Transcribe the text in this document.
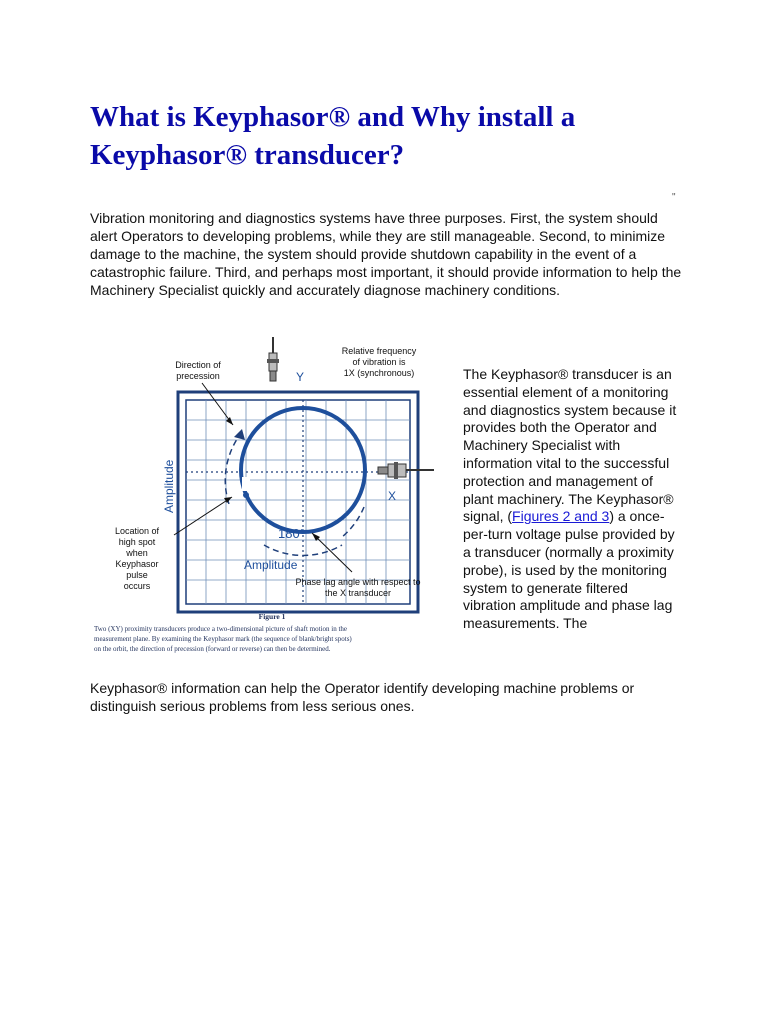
What is Keyphasor® and Why install a Keyphasor® transducer?
"

Vibration monitoring and diagnostics systems have three purposes. First, the system should alert Operators to developing problems, while they are still manageable. Second, to minimize damage to the machine, the system should provide shutdown capability in the event of a catastrophic failure. Third, and perhaps most important, it should provide information to help the Machinery Specialist quickly and accurately diagnose machinery conditions.

Direction of
precession
Relative frequency
of vibration is
1X (synchronous)
Location of
high spot
when
Keyphasor
pulse
occurs	Phase lag angle with respect to
the X transducer
Y
X
180°
Amplitude
Amplitude
Figure 1
Two (XY) proximity transducers produce a two-dimensional picture of shaft motion in the
measurement plane. By examining the Keyphasor mark (the sequence of blank/bright spots)
on the orbit, the direction of precession (forward or reverse) can then be determined.

The Keyphasor® transducer is an essential element of a monitoring and diagnostics system because it provides both the Operator and Machinery Specialist with information vital to the successful protection and management of plant machinery. The Keyphasor® signal, (Figures 2 and 3) a once-per-turn voltage pulse provided by a transducer (normally a proximity probe), is used by the monitoring system to generate filtered vibration amplitude and phase lag measurements. The

Keyphasor® information can help the Operator identify developing machine problems or distinguish serious problems from less serious ones.
